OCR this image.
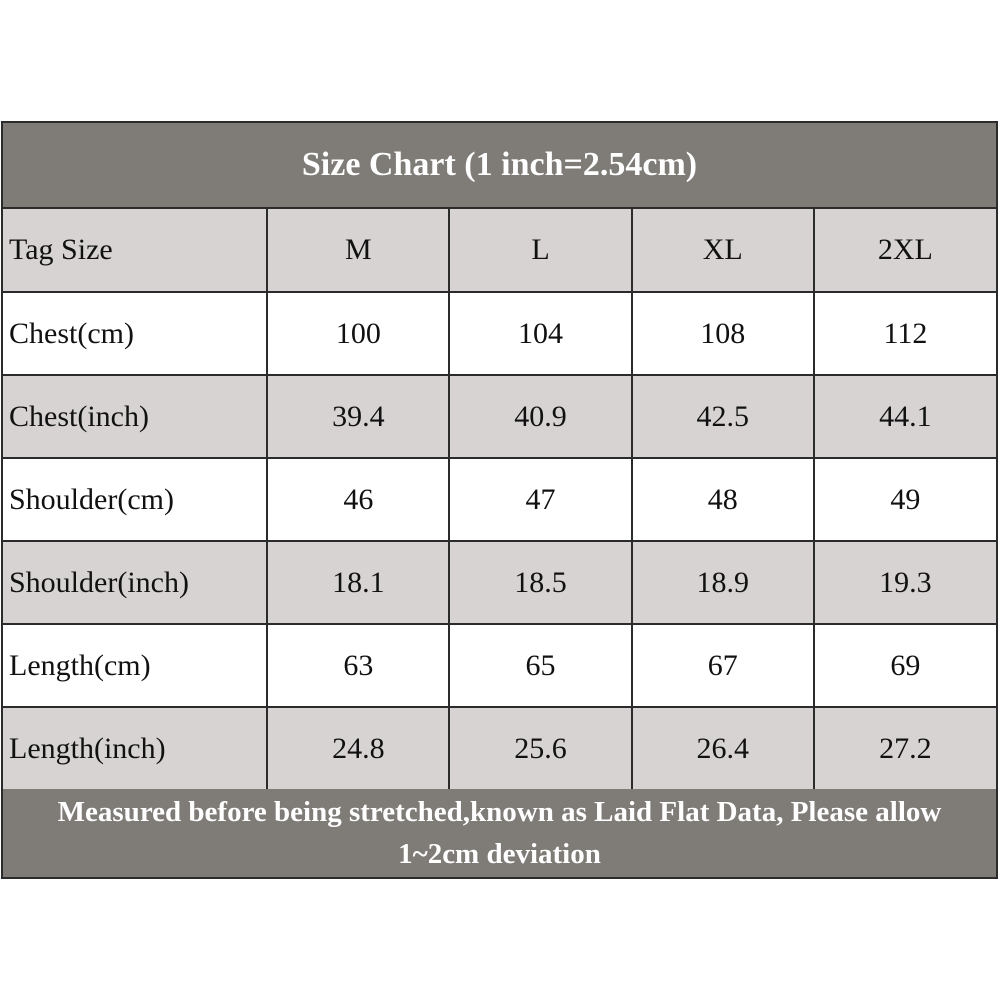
Size Chart (1 inch=2.54cm)
Tag Size	M	L	XL	2XL
Chest(cm)	100	104	108	112
Chest(inch)	39.4	40.9	42.5	44.1
Shoulder(cm)	46	47	48	49
Shoulder(inch)	18.1	18.5	18.9	19.3
Length(cm)	63	65	67	69
Length(inch)	24.8	25.6	26.4	27.2
Measured before being stretched,known as Laid Flat Data, Please allow 1~2cm deviation
